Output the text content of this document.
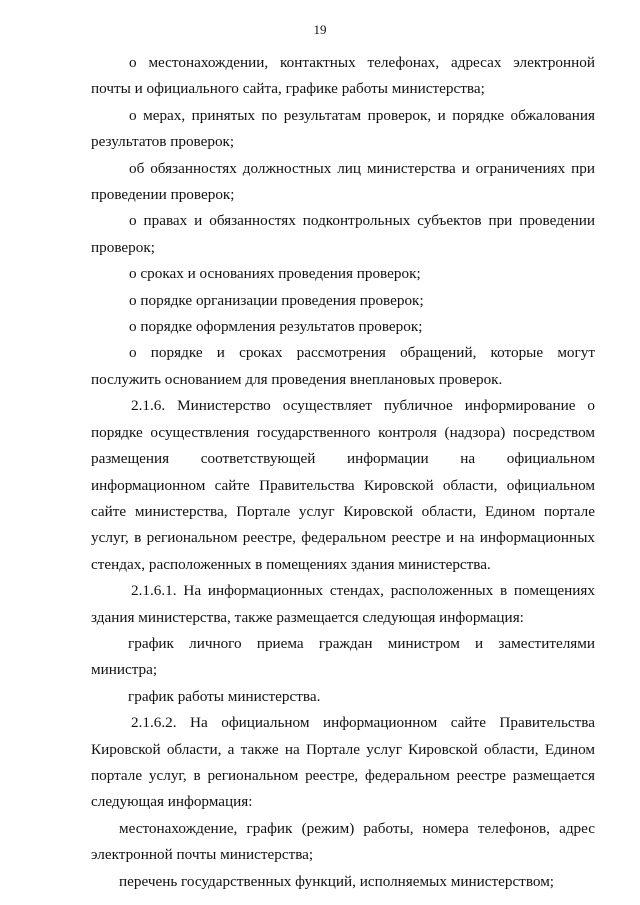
19

о местонахождении, контактных телефонах, адресах электронной почты и официального сайта, графике работы министерства;

о мерах, принятых по результатам проверок, и порядке обжалования результатов проверок;

об обязанностях должностных лиц министерства и ограничениях при проведении проверок;

о правах и обязанностях подконтрольных субъектов при проведении проверок;

о сроках и основаниях проведения проверок;

о порядке организации проведения проверок;

о порядке оформления результатов проверок;

о порядке и сроках рассмотрения обращений, которые могут послужить основанием для проведения внеплановых проверок.

2.1.6. Министерство осуществляет публичное информирование о порядке осуществления государственного контроля (надзора) посредством размещения соответствующей информации на официальном информационном сайте Правительства Кировской области, официальном сайте министерства, Портале услуг Кировской области, Едином портале услуг, в региональном реестре, федеральном реестре и на информационных стендах, расположенных в помещениях здания министерства.

2.1.6.1. На информационных стендах, расположенных в помещениях здания министерства, также размещается следующая информация:

график личного приема граждан министром и заместителями министра;

график работы министерства.

2.1.6.2. На официальном информационном сайте Правительства Кировской области, а также на Портале услуг Кировской области, Едином портале услуг, в региональном реестре, федеральном реестре размещается следующая информация:

местонахождение, график (режим) работы, номера телефонов, адрес электронной почты министерства;

перечень государственных функций, исполняемых министерством;
